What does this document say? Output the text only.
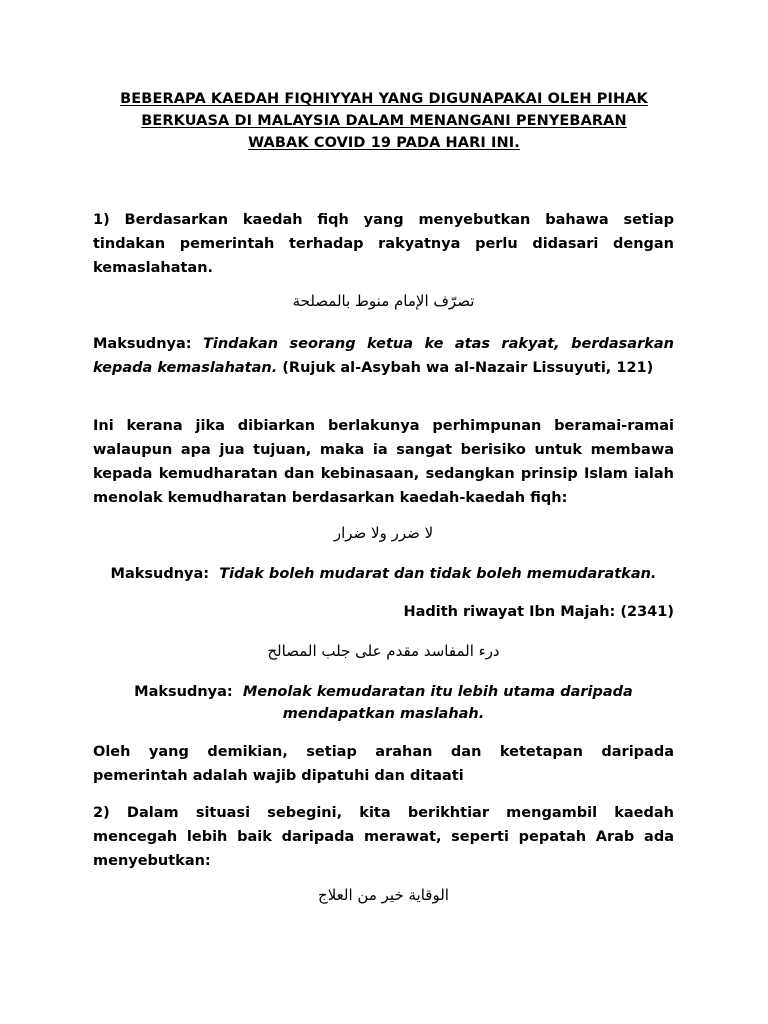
BEBERAPA KAEDAH FIQHIYYAH YANG DIGUNAPAKAI OLEH PIHAK
BERKUASA DI MALAYSIA DALAM MENANGANI PENYEBARAN
WABAK COVID 19 PADA HARI INI.

1) Berdasarkan kaedah fiqh yang menyebutkan bahawa setiap tindakan pemerintah terhadap rakyatnya perlu didasari dengan kemaslahatan.

تصرّف الإمام منوط بالمصلحة

Maksudnya: Tindakan seorang ketua ke atas rakyat, berdasarkan kepada kemaslahatan. (Rujuk al-Asybah wa al-Nazair Lissuyuti, 121)

Ini kerana jika dibiarkan berlakunya perhimpunan beramai-ramai walaupun apa jua tujuan, maka ia sangat berisiko untuk membawa kepada kemudharatan dan kebinasaan, sedangkan prinsip Islam ialah menolak kemudharatan berdasarkan kaedah-kaedah fiqh:

لا ضرر ولا ضرار

Maksudnya: Tidak boleh mudarat dan tidak boleh memudaratkan.

Hadith riwayat Ibn Majah: (2341)

درء المفاسد مقدم على جلب المصالح

Maksudnya: Menolak kemudaratan itu lebih utama daripada

mendapatkan maslahah.

Oleh yang demikian, setiap arahan dan ketetapan daripada pemerintah adalah wajib dipatuhi dan ditaati

2) Dalam situasi sebegini, kita berikhtiar mengambil kaedah mencegah lebih baik daripada merawat, seperti pepatah Arab ada menyebutkan:

الوقاية خير من العلاج
